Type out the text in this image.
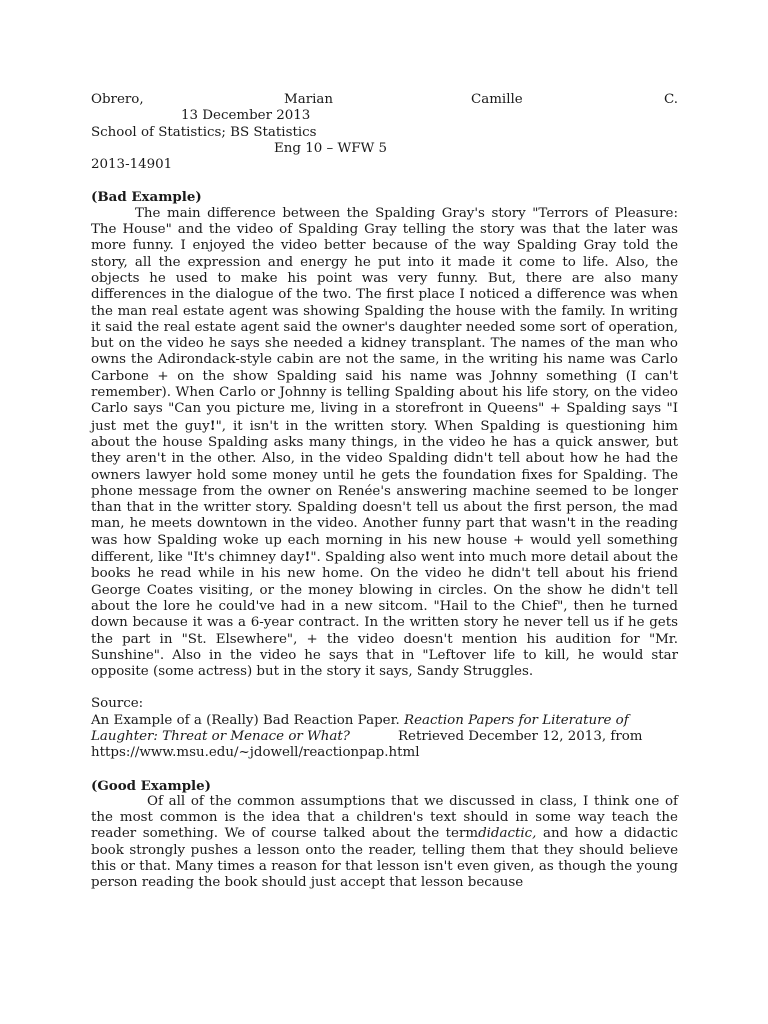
Obrero,	Marian	Camille	C.

13 December 2013

School of Statistics; BS Statistics

Eng 10 – WFW 5

2013-14901

(Bad Example)

The main difference between the Spalding Gray's story "Terrors of Pleasure: The House" and the video of Spalding Gray telling the story was that the later was more funny. I enjoyed the video better because of the way Spalding Gray told the story, all the expression and energy he put into it made it come to life. Also, the objects he used to make his point was very funny. But, there are also many differences in the dialogue of the two. The first place I noticed a difference was when the man real estate agent was showing Spalding the house with the family. In writing it said the real estate agent said the owner's daughter needed some sort of operation, but on the video he says she needed a kidney transplant. The names of the man who owns the Adirondack-style cabin are not the same, in the writing his name was Carlo Carbone + on the show Spalding said his name was Johnny something (I can't remember). When Carlo or Johnny is telling Spalding about his life story, on the video Carlo says "Can you picture me, living in a storefront in Queens" + Spalding says "I just met the guy!", it isn't in the written story. When Spalding is questioning him about the house Spalding asks many things, in the video he has a quick answer, but they aren't in the other. Also, in the video Spalding didn't tell about how he had the owners lawyer hold some money until he gets the foundation fixes for Spalding. The phone message from the owner on Renée's answering machine seemed to be longer than that in the writter story. Spalding doesn't tell us about the first person, the mad man, he meets downtown in the video. Another funny part that wasn't in the reading was how Spalding woke up each morning in his new house + would yell something different, like "It's chimney day!". Spalding also went into much more detail about the books he read while in his new home. On the video he didn't tell about his friend George Coates visiting, or the money blowing in circles. On the show he didn't tell about the lore he could've had in a new sitcom. "Hail to the Chief", then he turned down because it was a 6-year contract. In the written story he never tell us if he gets the part in "St. Elsewhere", + the video doesn't mention his audition for "Mr. Sunshine". Also in the video he says that in "Leftover life to kill, he would star opposite (some actress) but in the story it says, Sandy Struggles.

Source:

An Example of a (Really) Bad Reaction Paper. Reaction Papers for Literature of Laughter: Threat or Menace or What?	Retrieved December 12, 2013, from

https://www.msu.edu/~jdowell/reactionpap.html

(Good Example)

Of all of the common assumptions that we discussed in class, I think one of the most common is the idea that a children's text should in some way teach the reader something. We of course talked about the termdidactic, and how a didactic book strongly pushes a lesson onto the reader, telling them that they should believe this or that. Many times a reason for that lesson isn't even given, as though the young person reading the book should just accept that lesson because
